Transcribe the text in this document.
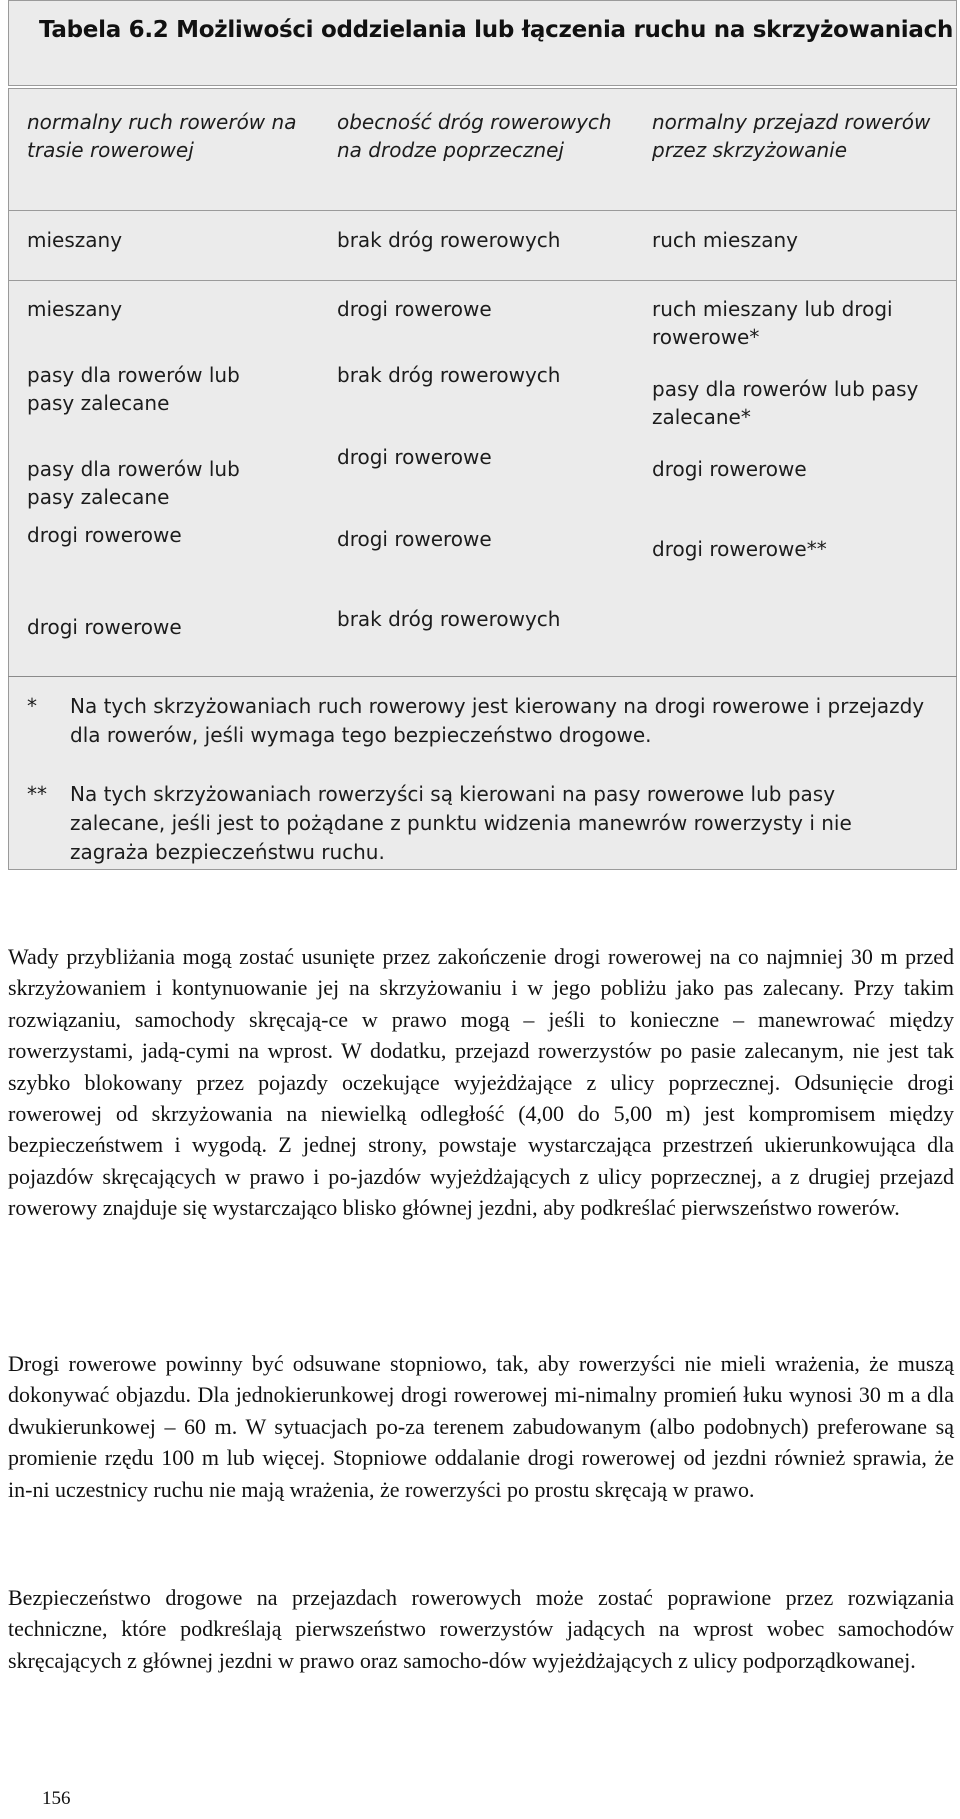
Tabela 6.2 Możliwości oddzielania lub łączenia ruchu na skrzyżowaniach
normalny ruch rowerów na trasie rowerowej
obecność dróg rowerowych na drodze poprzecznej
normalny przejazd rowerów przez skrzyżowanie
mieszany	brak dróg rowerowych	ruch mieszany
mieszany
pasy dla rowerów lub pasy zalecane
pasy dla rowerów lub pasy zalecane
drogi rowerowe
drogi rowerowe
drogi rowerowe
brak dróg rowerowych
drogi rowerowe
drogi rowerowe
brak dróg rowerowych
ruch mieszany lub drogi rowerowe*
pasy dla rowerów lub pasy zalecane*
drogi rowerowe
drogi rowerowe**
* Na tych skrzyżowaniach ruch rowerowy jest kierowany na drogi rowerowe i przejazdy dla rowerów, jeśli wymaga tego bezpieczeństwo drogowe.
** Na tych skrzyżowaniach rowerzyści są kierowani na pasy rowerowe lub pasy zalecane, jeśli jest to pożądane z punktu widzenia manewrów rowerzysty i nie zagraża bezpieczeństwu ruchu.

Wady przybliżania mogą zostać usunięte przez zakończenie drogi rowerowej na co najmniej 30 m przed skrzyżowaniem i kontynuowanie jej na skrzyżowaniu i w jego pobliżu jako pas zalecany. Przy takim rozwiązaniu, samochody skręcają-ce w prawo mogą – jeśli to konieczne – manewrować między rowerzystami, jadą-cymi na wprost. W dodatku, przejazd rowerzystów po pasie zalecanym, nie jest tak szybko blokowany przez pojazdy oczekujące wyjeżdżające z ulicy poprzecznej. Odsunięcie drogi rowerowej od skrzyżowania na niewielką odległość (4,00 do 5,00 m) jest kompromisem między bezpieczeństwem i wygodą. Z jednej strony, powstaje wystarczająca przestrzeń ukierunkowująca dla pojazdów skręcających w prawo i po-jazdów wyjeżdżających z ulicy poprzecznej, a z drugiej przejazd rowerowy znajduje się wystarczająco blisko głównej jezdni, aby podkreślać pierwszeństwo rowerów.

Drogi rowerowe powinny być odsuwane stopniowo, tak, aby rowerzyści nie mieli wrażenia, że muszą dokonywać objazdu. Dla jednokierunkowej drogi rowerowej mi-nimalny promień łuku wynosi 30 m a dla dwukierunkowej – 60 m. W sytuacjach po-za terenem zabudowanym (albo podobnych) preferowane są promienie rzędu 100 m lub więcej. Stopniowe oddalanie drogi rowerowej od jezdni również sprawia, że in-ni uczestnicy ruchu nie mają wrażenia, że rowerzyści po prostu skręcają w prawo.

Bezpieczeństwo drogowe na przejazdach rowerowych może zostać poprawione przez rozwiązania techniczne, które podkreślają pierwszeństwo rowerzystów jadących na wprost wobec samochodów skręcających z głównej jezdni w prawo oraz samocho-dów wyjeżdżających z ulicy podporządkowanej.

156
